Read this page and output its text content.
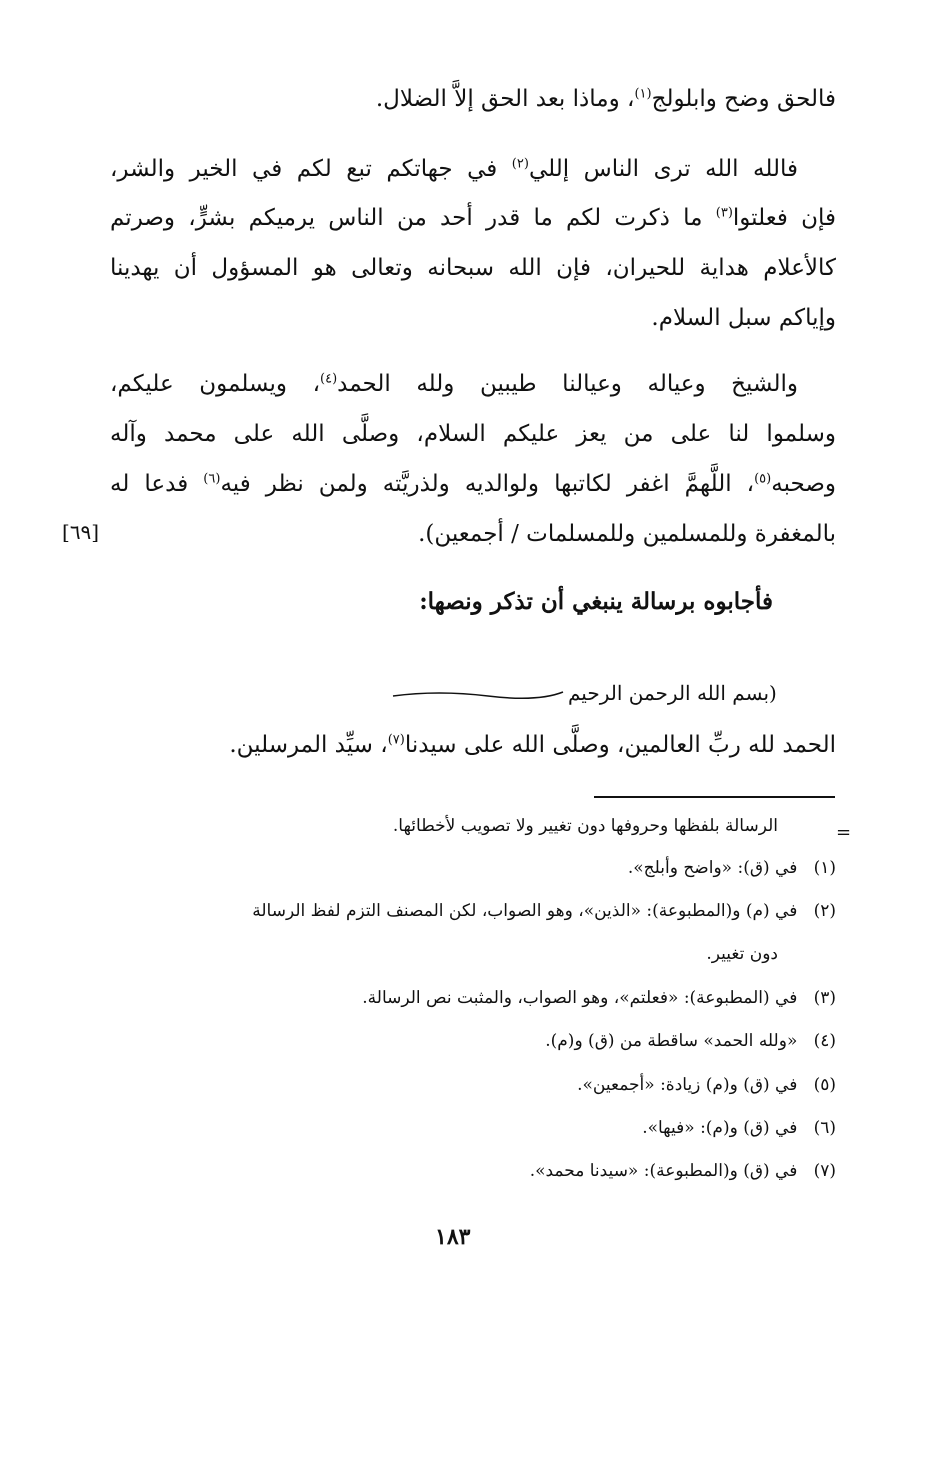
فالحق وضح وابلولج$^{(١)}$، وماذا بعد الحق إلاَّ الضلال.
فالله الله ترى الناس إللي$^{(٢)}$ في جهاتكم تبع لكم في الخير والشر،
فإن فعلتوا$^{(٣)}$ ما ذكرت لكم ما قدر أحد من الناس يرميكم بشرٍّ، وصرتم
كالأعلام هداية للحيران، فإن الله سبحانه وتعالى هو المسؤول أن يهدينا
وإياكم سبل السلام.
والشيخ وعياله وعيالنا طيبين ولله الحمد$^{(٤)}$، ويسلمون عليكم،
وسلموا لنا على من يعز عليكم السلام، وصلَّى الله على محمد وآله
وصحبه$^{(٥)}$، اللَّهمَّ اغفر لكاتبها ولوالديه ولذريَّته ولمن نظر فيه$^{(٦)}$ فدعا له
بالمغفرة وللمسلمين وللمسلمات / أجمعين).
[٦٩]
فأجابوه برسالة ينبغي أن تذكر ونصها:
(بسم الله الرحمن الرحيم
الحمد لله ربِّ العالمين، وصلَّى الله على سيدنا$^{(٧)}$، سيِّد المرسلين.
=
الرسالة بلفظها وحروفها دون تغيير ولا تصويب لأخطائها.
(١)   في (ق): «واضح وأبلج».
(٢)   في (م) و(المطبوعة): «الذين»، وهو الصواب، لكن المصنف التزم لفظ الرسالة
دون تغيير.
(٣)   في (المطبوعة): «فعلتم»، وهو الصواب، والمثبت نص الرسالة.
(٤)   «ولله الحمد» ساقطة من (ق) و(م).
(٥)   في (ق) و(م) زيادة: «أجمعين».
(٦)   في (ق) و(م): «فيها».
(٧)   في (ق) و(المطبوعة): «سيدنا محمد».
١٨٣
